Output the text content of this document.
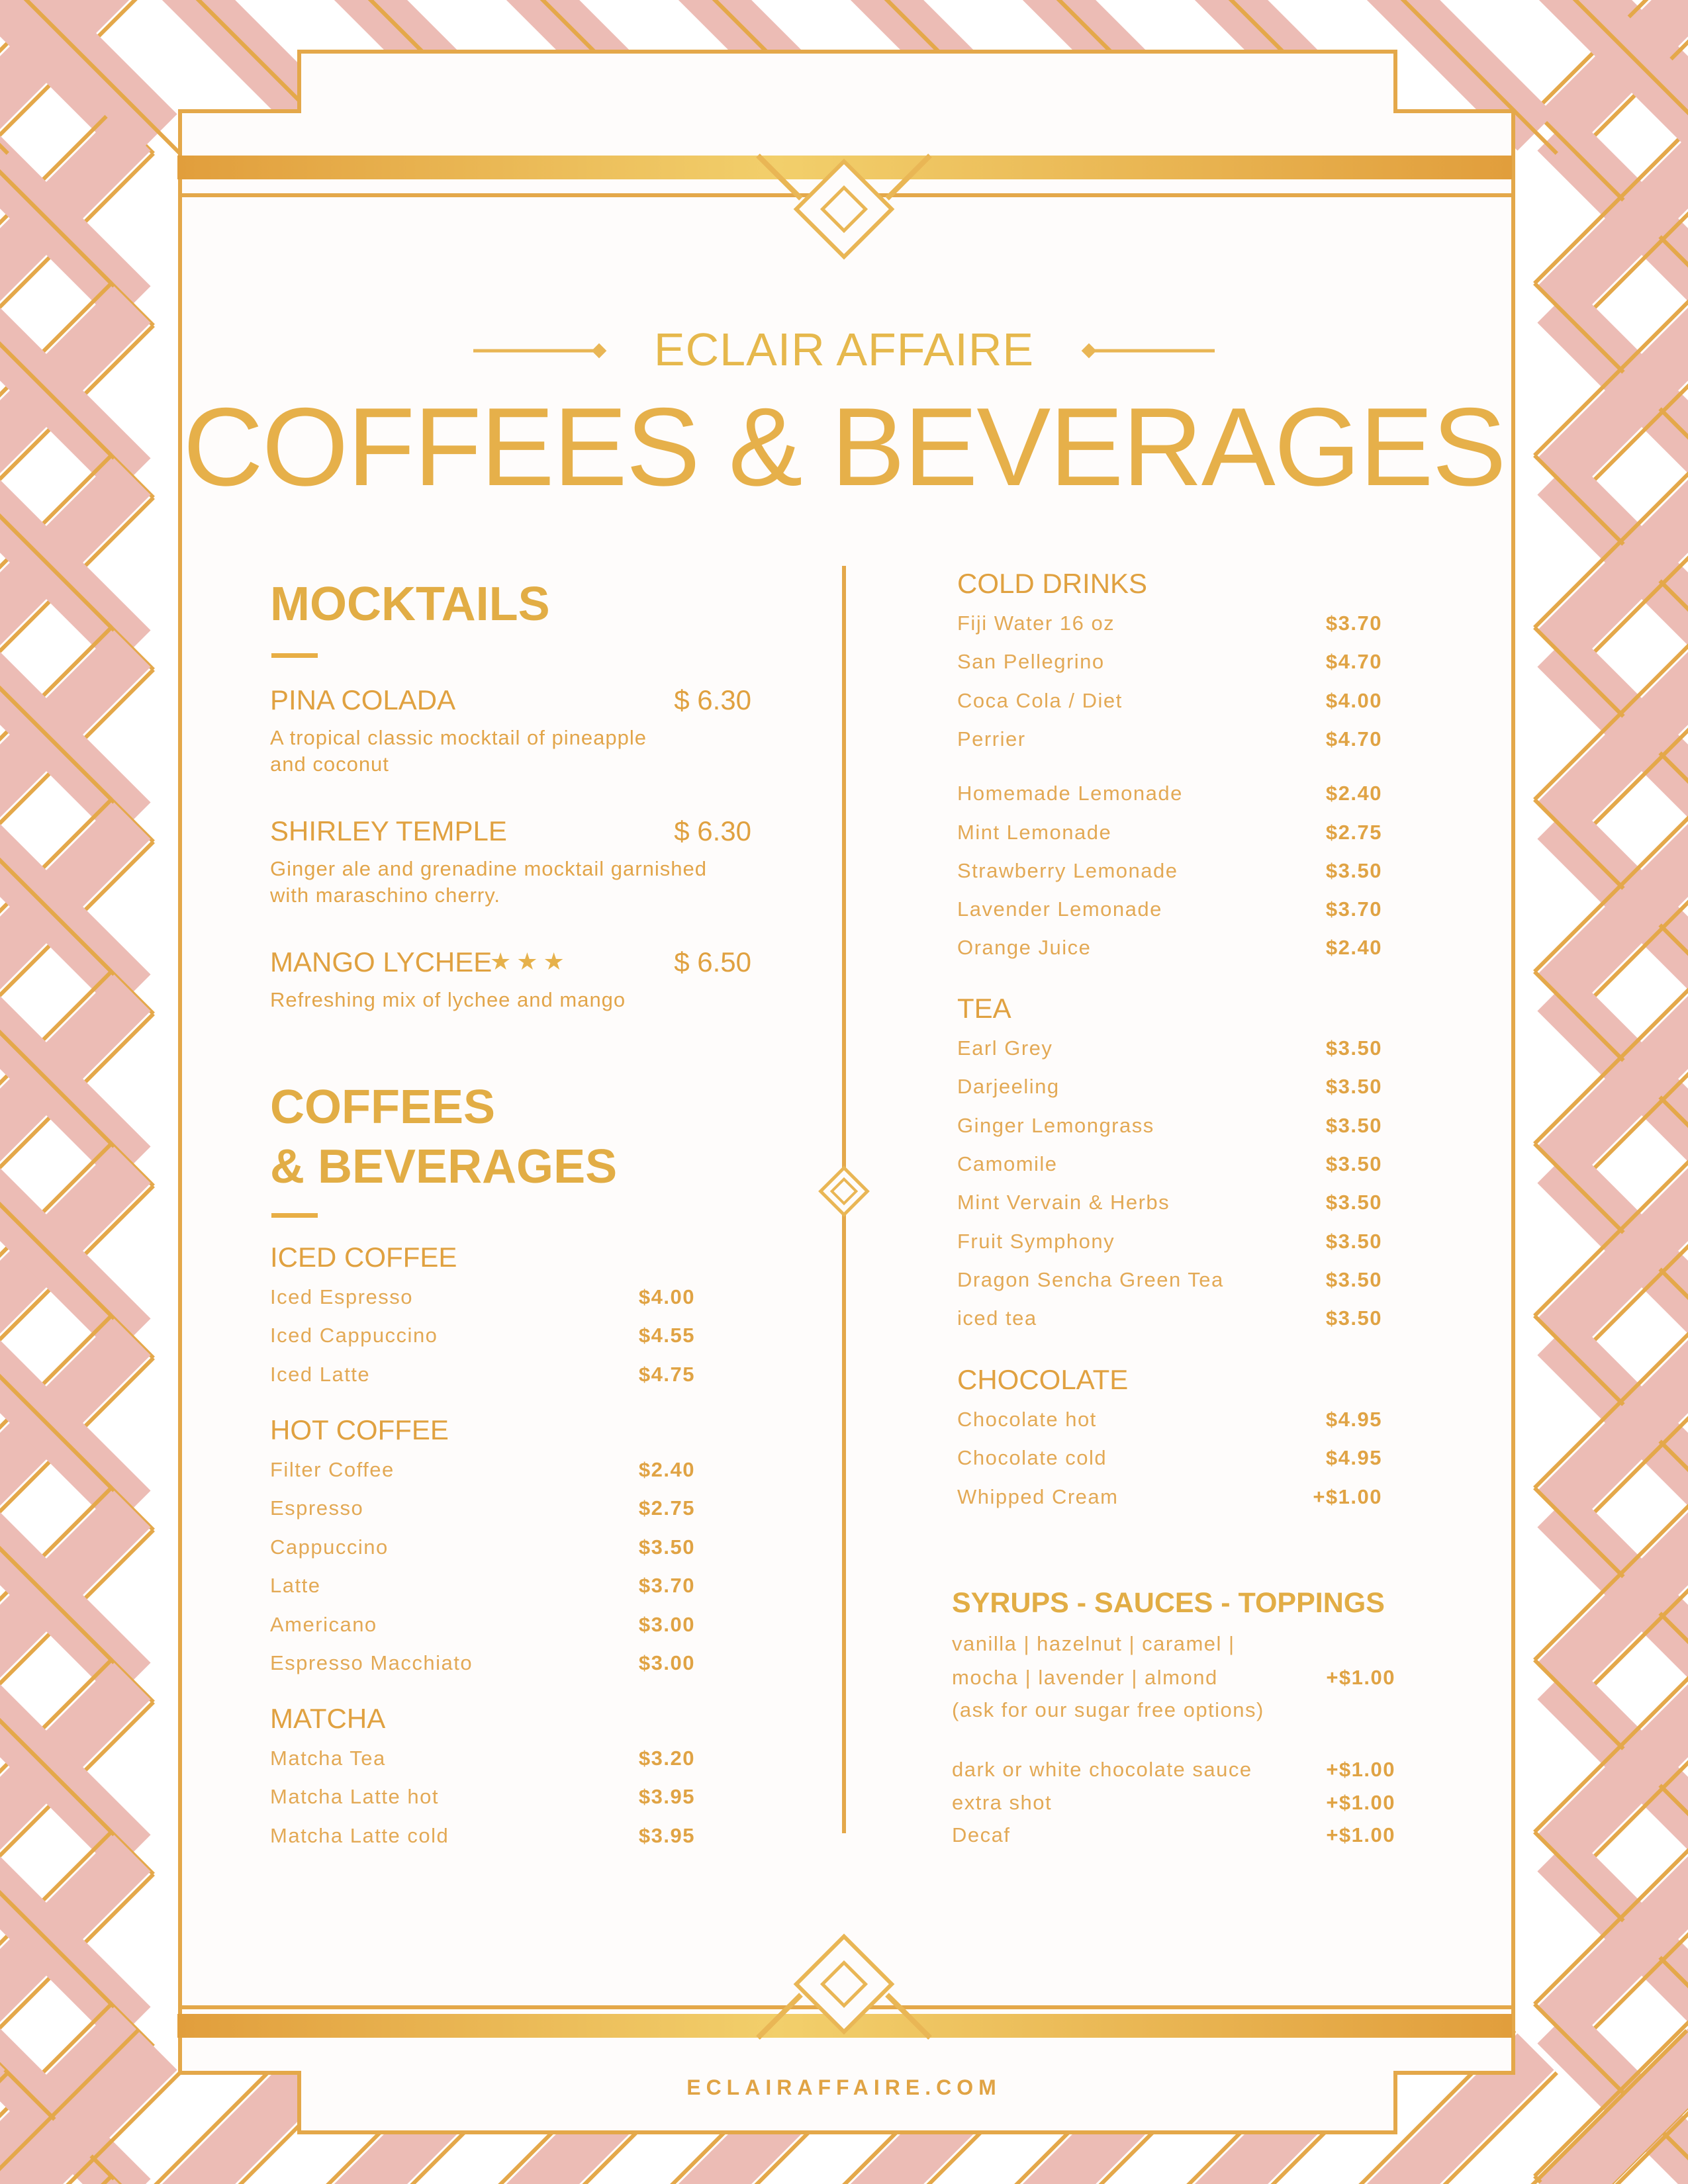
ECLAIR AFFAIRE
COFFEES & BEVERAGES
MOCKTAILS
PINA COLADA	$ 6.30
A tropical classic mocktail of pineapple and coconut
SHIRLEY TEMPLE	$ 6.30
Ginger ale and grenadine mocktail garnished with maraschino cherry.
MANGO LYCHEE
★★★	$ 6.50
Refreshing mix of lychee and mango
COFFEES
& BEVERAGES
ICED COFFEE
Iced Espresso	$4.00
Iced Cappuccino	$4.55
Iced Latte	$4.75
HOT COFFEE
Filter Coffee	$2.40
Espresso	$2.75
Cappuccino	$3.50
Latte	$3.70
Americano	$3.00
Espresso Macchiato	$3.00
MATCHA
Matcha Tea	$3.20
Matcha Latte hot	$3.95
Matcha Latte cold	$3.95
COLD DRINKS
Fiji Water 16 oz	$3.70
San Pellegrino	$4.70
Coca Cola / Diet	$4.00
Perrier	$4.70
Homemade Lemonade	$2.40
Mint Lemonade	$2.75
Strawberry Lemonade	$3.50
Lavender Lemonade	$3.70
Orange Juice	$2.40
TEA
Earl Grey	$3.50
Darjeeling	$3.50
Ginger Lemongrass	$3.50
Camomile	$3.50
Mint Vervain & Herbs	$3.50
Fruit Symphony	$3.50
Dragon Sencha Green Tea	$3.50
iced tea	$3.50
CHOCOLATE
Chocolate hot	$4.95
Chocolate cold	$4.95
Whipped Cream	+$1.00
SYRUPS - SAUCES - TOPPINGS
vanilla | hazelnut | caramel |
mocha | lavender | almond	+$1.00
(ask for our sugar free options)
dark or white chocolate sauce	+$1.00
extra shot	+$1.00
Decaf	+$1.00
ECLAIRAFFAIRE.COM
